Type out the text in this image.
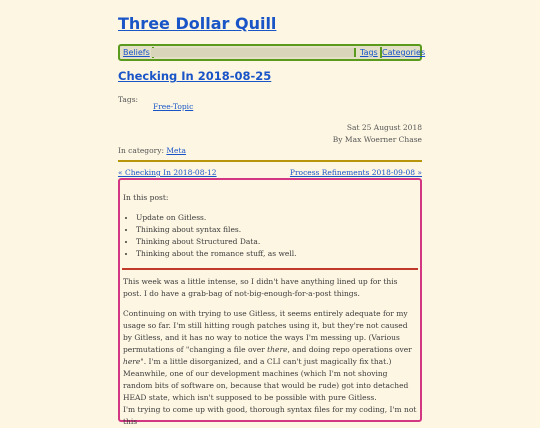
Three Dollar Quill
Beliefs	Tags Categories
Checking In 2018-08-25
Tags:
Free-Topic
Sat 25 August 2018
By Max Woerner Chase
In category: Meta
« Checking In 2018-08-12	Process Refinements 2018-09-08 »
In this post:
• Update on Gitless.
• Thinking about syntax files.
• Thinking about Structured Data.
• Thinking about the romance stuff, as well.

This week was a little intense, so I didn't have anything lined up for this post. I do have a grab-bag of not-big-enough-for-a-post things.

Continuing on with trying to use Gitless, it seems entirely adequate for my usage so far. I'm still hitting rough patches using it, but they're not caused by Gitless, and it has no way to notice the ways I'm messing up. (Various permutations of "changing a file over there, and doing repo operations over here". I'm a little disorganized, and a CLI can't just magically fix that.) Meanwhile, one of our development machines (which I'm not shoving random bits of software on, because that would be rude) got into detached HEAD state, which isn't supposed to be possible with pure Gitless.

I'm trying to come up with good, thorough syntax files for my coding, I'm not this
